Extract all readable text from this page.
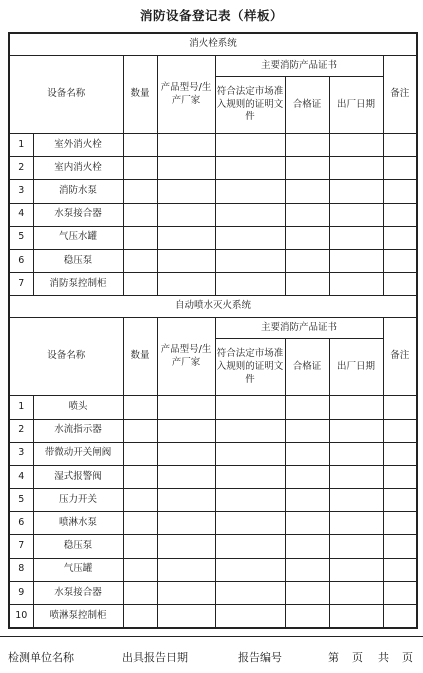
消防设备登记表（样板）
消火栓系统							
设备名称		数量	产品型号/生产厂家	主要消防产品证书			备注
				符合法定市场准入规则的证明文件	合格证	出厂日期	
1	室外消火栓						
2	室内消火栓						
3	消防水泵						
4	水泵接合器						
5	气压水罐						
6	稳压泵						
7	消防泵控制柜						
自动喷水灭火系统							
设备名称		数量	产品型号/生产厂家	主要消防产品证书			备注
				符合法定市场准入规则的证明文件	合格证	出厂日期	
1	喷头						
2	水流指示器						
3	带微动开关闸阀						
4	湿式报警阀						
5	压力开关						
6	喷淋水泵						
7	稳压泵						
8	气压罐						
9	水泵接合器						
10	喷淋泵控制柜						
检测单位名称	出具报告日期	报告编号	第 页 共 页
